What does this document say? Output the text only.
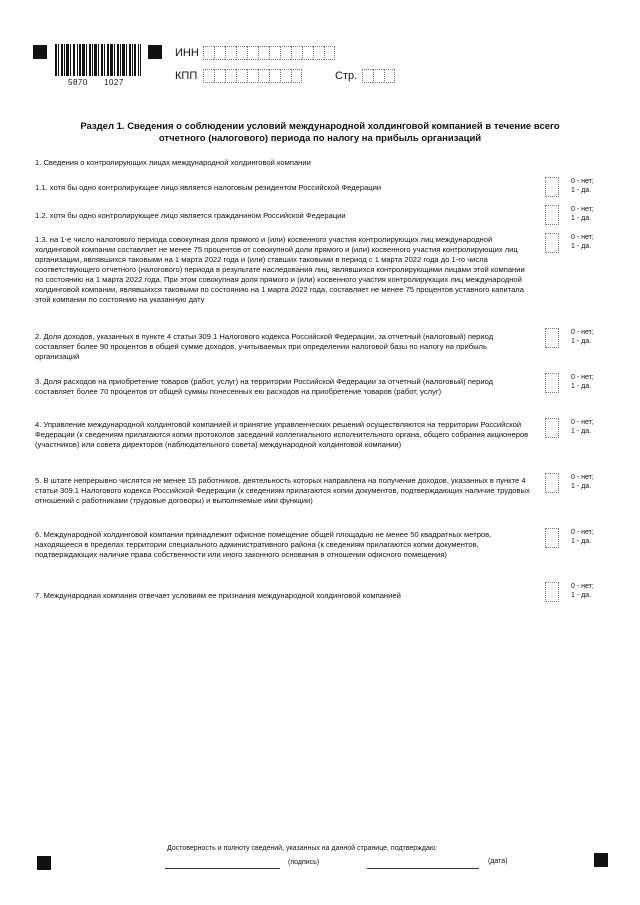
5870 1027
ИНН
КПП	Стр.
Раздел 1. Сведения о соблюдении условий международной холдинговой компанией в течение всего отчетного (налогового) периода по налогу на прибыль организаций
1. Сведения о контролирующих лицах международной холдинговой компании
1.1. хотя бы одно контролирующее лицо является налоговым резидентом Российской Федерации
0 - нет;
1 - да.
1.2. хотя бы одно контролирующее лицо является гражданином Российской Федерации
0 - нет;
1 - да.
1.3. на 1-е число налогового периода совокупная доля прямого и (или) косвенного участия контролирующих лиц международной холдинговой компании составляет не менее 75 процентов от совокупной доли прямого и (или) косвенного участия контролирующих лиц организации, являвшихся таковыми на 1 марта 2022 года и (или) ставших таковыми в период с 1 марта 2022 года до 1-го числа соответствующего отчетного (налогового) периода в результате наследования лиц, являвшихся контролирующими лицами этой компании по состоянию на 1 марта 2022 года. При этом совокупная доля прямого и (или) косвенного участия контролирующих лиц международной холдинговой компании, являвшихся таковыми по состоянию на 1 марта 2022 года, составляет не менее 75 процентов уставного капитала этой компании по состоянию на указанную дату
0 - нет;
1 - да.
2. Доля доходов, указанных в пункте 4 статьи 309.1 Налогового кодекса Российской Федерации, за отчетный (налоговый) период составляет более 90 процентов в общей сумме доходов, учитываемых при определении налоговой базы по налогу на прибыль организаций
0 - нет;
1 - да.
3. Доля расходов на приобретение товаров (работ, услуг) на территории Российской Федерации за отчетный (налоговый) период составляет более 70 процентов от общей суммы понесенных ею расходов на приобретение товаров (работ, услуг)
0 - нет;
1 - да.
4. Управление международной холдинговой компанией и принятие управленческих решений осуществляются на территории Российской Федерации (к сведениям прилагаются копии протоколов заседаний коллегиального исполнительного органа, общего собрания акционеров (участников) или совета директоров (наблюдательного совета) международной холдинговой компании)
0 - нет;
1 - да.
5. В штате непрерывно числятся не менее 15 работников, деятельность которых направлена на получение доходов, указанных в пункте 4 статьи 309.1 Налогового кодекса Российской Федерации (к сведениям прилагаются копии документов, подтверждающих наличие трудовых отношений с работниками (трудовые договоры) и выполняемые ими функции)
0 - нет;
1 - да.
6. Международной холдинговой компании принадлежит офисное помещение общей площадью не менее 50 квадратных метров, находящееся в пределах территории специального административного района (к сведениям прилагаются копии документов, подтверждающих наличие права собственности или иного законного основания в отношении офисного помещения)
0 - нет;
1 - да.
7. Международная компания отвечает условиям ее признания международной холдинговой компанией
0 - нет;
1 - да.
Достоверность и полноту сведений, указанных на данной странице, подтверждаю:
(подпись)	(дата)
